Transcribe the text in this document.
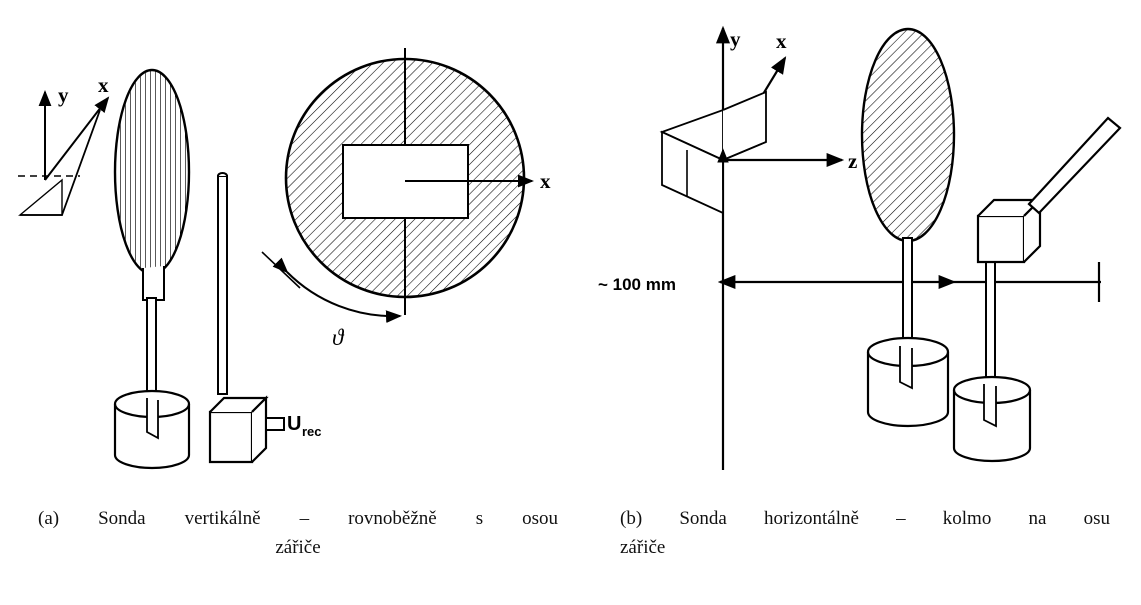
y x
U rec
x
ϑ
y x
z
~ 100 mm
(a) Sonda vertikálně – rovnoběžně s osou
zářiče
(b) Sonda horizontálně – kolmo na osu
zářiče
